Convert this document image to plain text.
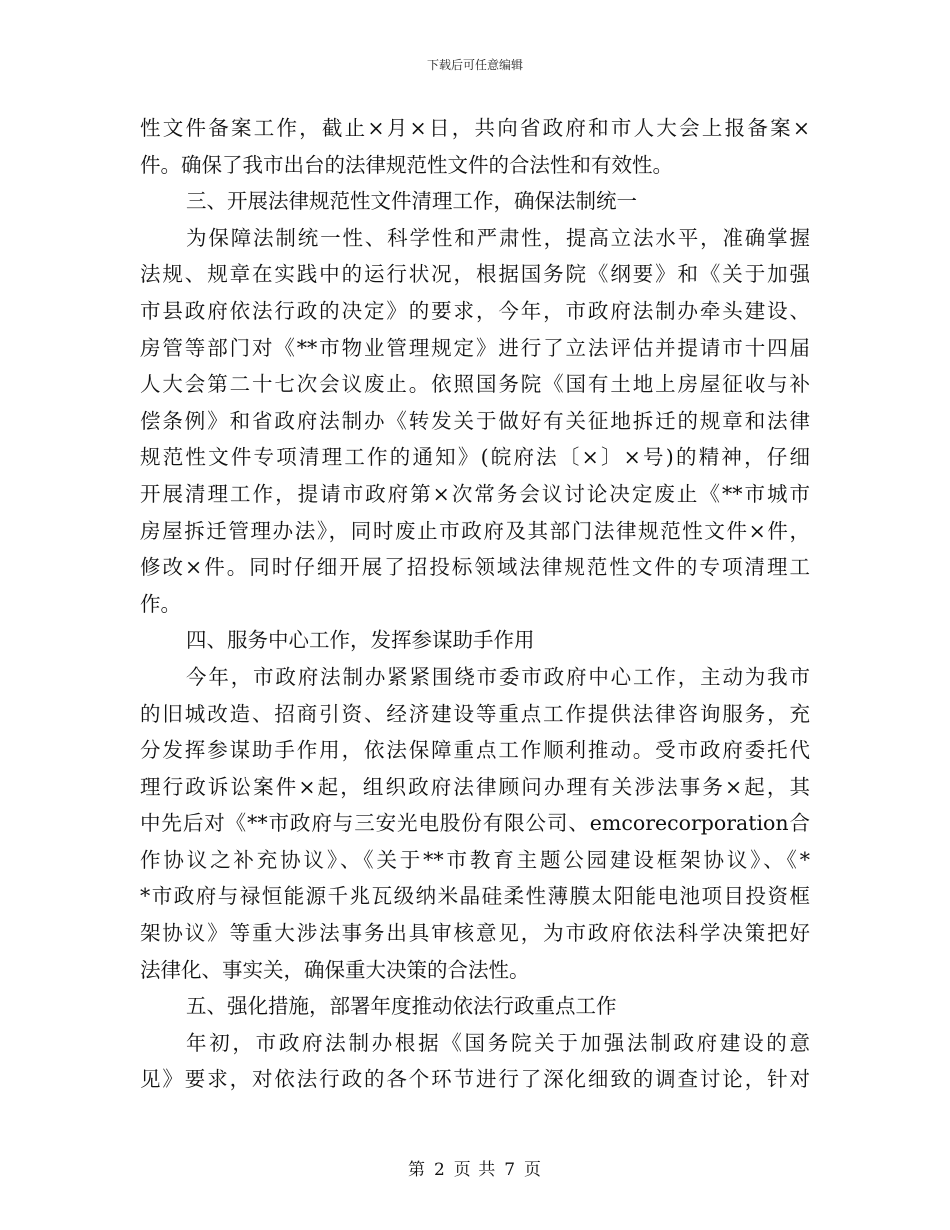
下载后可任意编辑
性文件备案工作，截止×月×日，共向省政府和市人大会上报备案×
件。确保了我市出台的法律规范性文件的合法性和有效性。
三、开展法律规范性文件清理工作，确保法制统一
为保障法制统一性、科学性和严肃性，提高立法水平，准确掌握
法规、规章在实践中的运行状况，根据国务院《纲要》和《关于加强
市县政府依法行政的决定》的要求，今年，市政府法制办牵头建设、
房管等部门对《**市物业管理规定》进行了立法评估并提请市十四届
人大会第二十七次会议废止。依照国务院《国有土地上房屋征收与补
偿条例》和省政府法制办《转发关于做好有关征地拆迁的规章和法律
规范性文件专项清理工作的通知》(皖府法〔×〕×号)的精神，仔细
开展清理工作，提请市政府第×次常务会议讨论决定废止《**市城市
房屋拆迁管理办法》，同时废止市政府及其部门法律规范性文件×件，
修改×件。同时仔细开展了招投标领域法律规范性文件的专项清理工
作。
四、服务中心工作，发挥参谋助手作用
今年，市政府法制办紧紧围绕市委市政府中心工作，主动为我市
的旧城改造、招商引资、经济建设等重点工作提供法律咨询服务，充
分发挥参谋助手作用，依法保障重点工作顺利推动。受市政府委托代
理行政诉讼案件×起，组织政府法律顾问办理有关涉法事务×起，其
中先后对《**市政府与三安光电股份有限公司、emcorecorporation合
作协议之补充协议》、《关于**市教育主题公园建设框架协议》、《*
*市政府与禄恒能源千兆瓦级纳米晶硅柔性薄膜太阳能电池项目投资框
架协议》等重大涉法事务出具审核意见，为市政府依法科学决策把好
法律化、事实关，确保重大决策的合法性。
五、强化措施，部署年度推动依法行政重点工作
年初，市政府法制办根据《国务院关于加强法制政府建设的意
见》要求，对依法行政的各个环节进行了深化细致的调查讨论，针对
第 2 页 共 7 页
